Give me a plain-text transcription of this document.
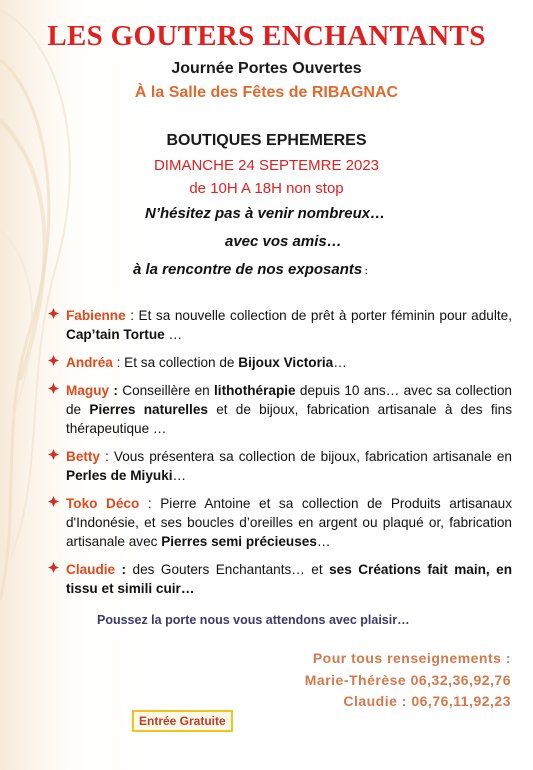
LES GOUTERS ENCHANTANTS
Journée Portes Ouvertes
À la Salle des Fêtes de RIBAGNAC
BOUTIQUES EPHEMERES
DIMANCHE 24 SEPTEMRE 2023
de 10H A 18H non stop
N’hésitez pas à venir nombreux…
avec vos amis…
à la rencontre de nos exposants :
Fabienne : Et sa nouvelle collection de prêt à porter féminin pour adulte, Cap’tain Tortue …
Andréa : Et sa collection de Bijoux Victoria…
Maguy : Conseillère en lithothérapie depuis 10 ans… avec sa collection de Pierres naturelles et de bijoux, fabrication artisanale à des fins thérapeutique …
Betty : Vous présentera sa collection de bijoux, fabrication artisanale en Perles de Miyuki…
Toko Déco : Pierre Antoine et sa collection de Produits artisanaux d'Indonésie, et ses boucles d’oreilles en argent ou plaqué or, fabrication artisanale avec Pierres semi précieuses…
Claudie : des Gouters Enchantants… et ses Créations fait main, en tissu et simili cuir…
Poussez la porte nous vous attendons avec plaisir…
Pour tous renseignements :
Marie-Thérèse 06,32,36,92,76
Claudie : 06,76,11,92,23
Entrée Gratuite
